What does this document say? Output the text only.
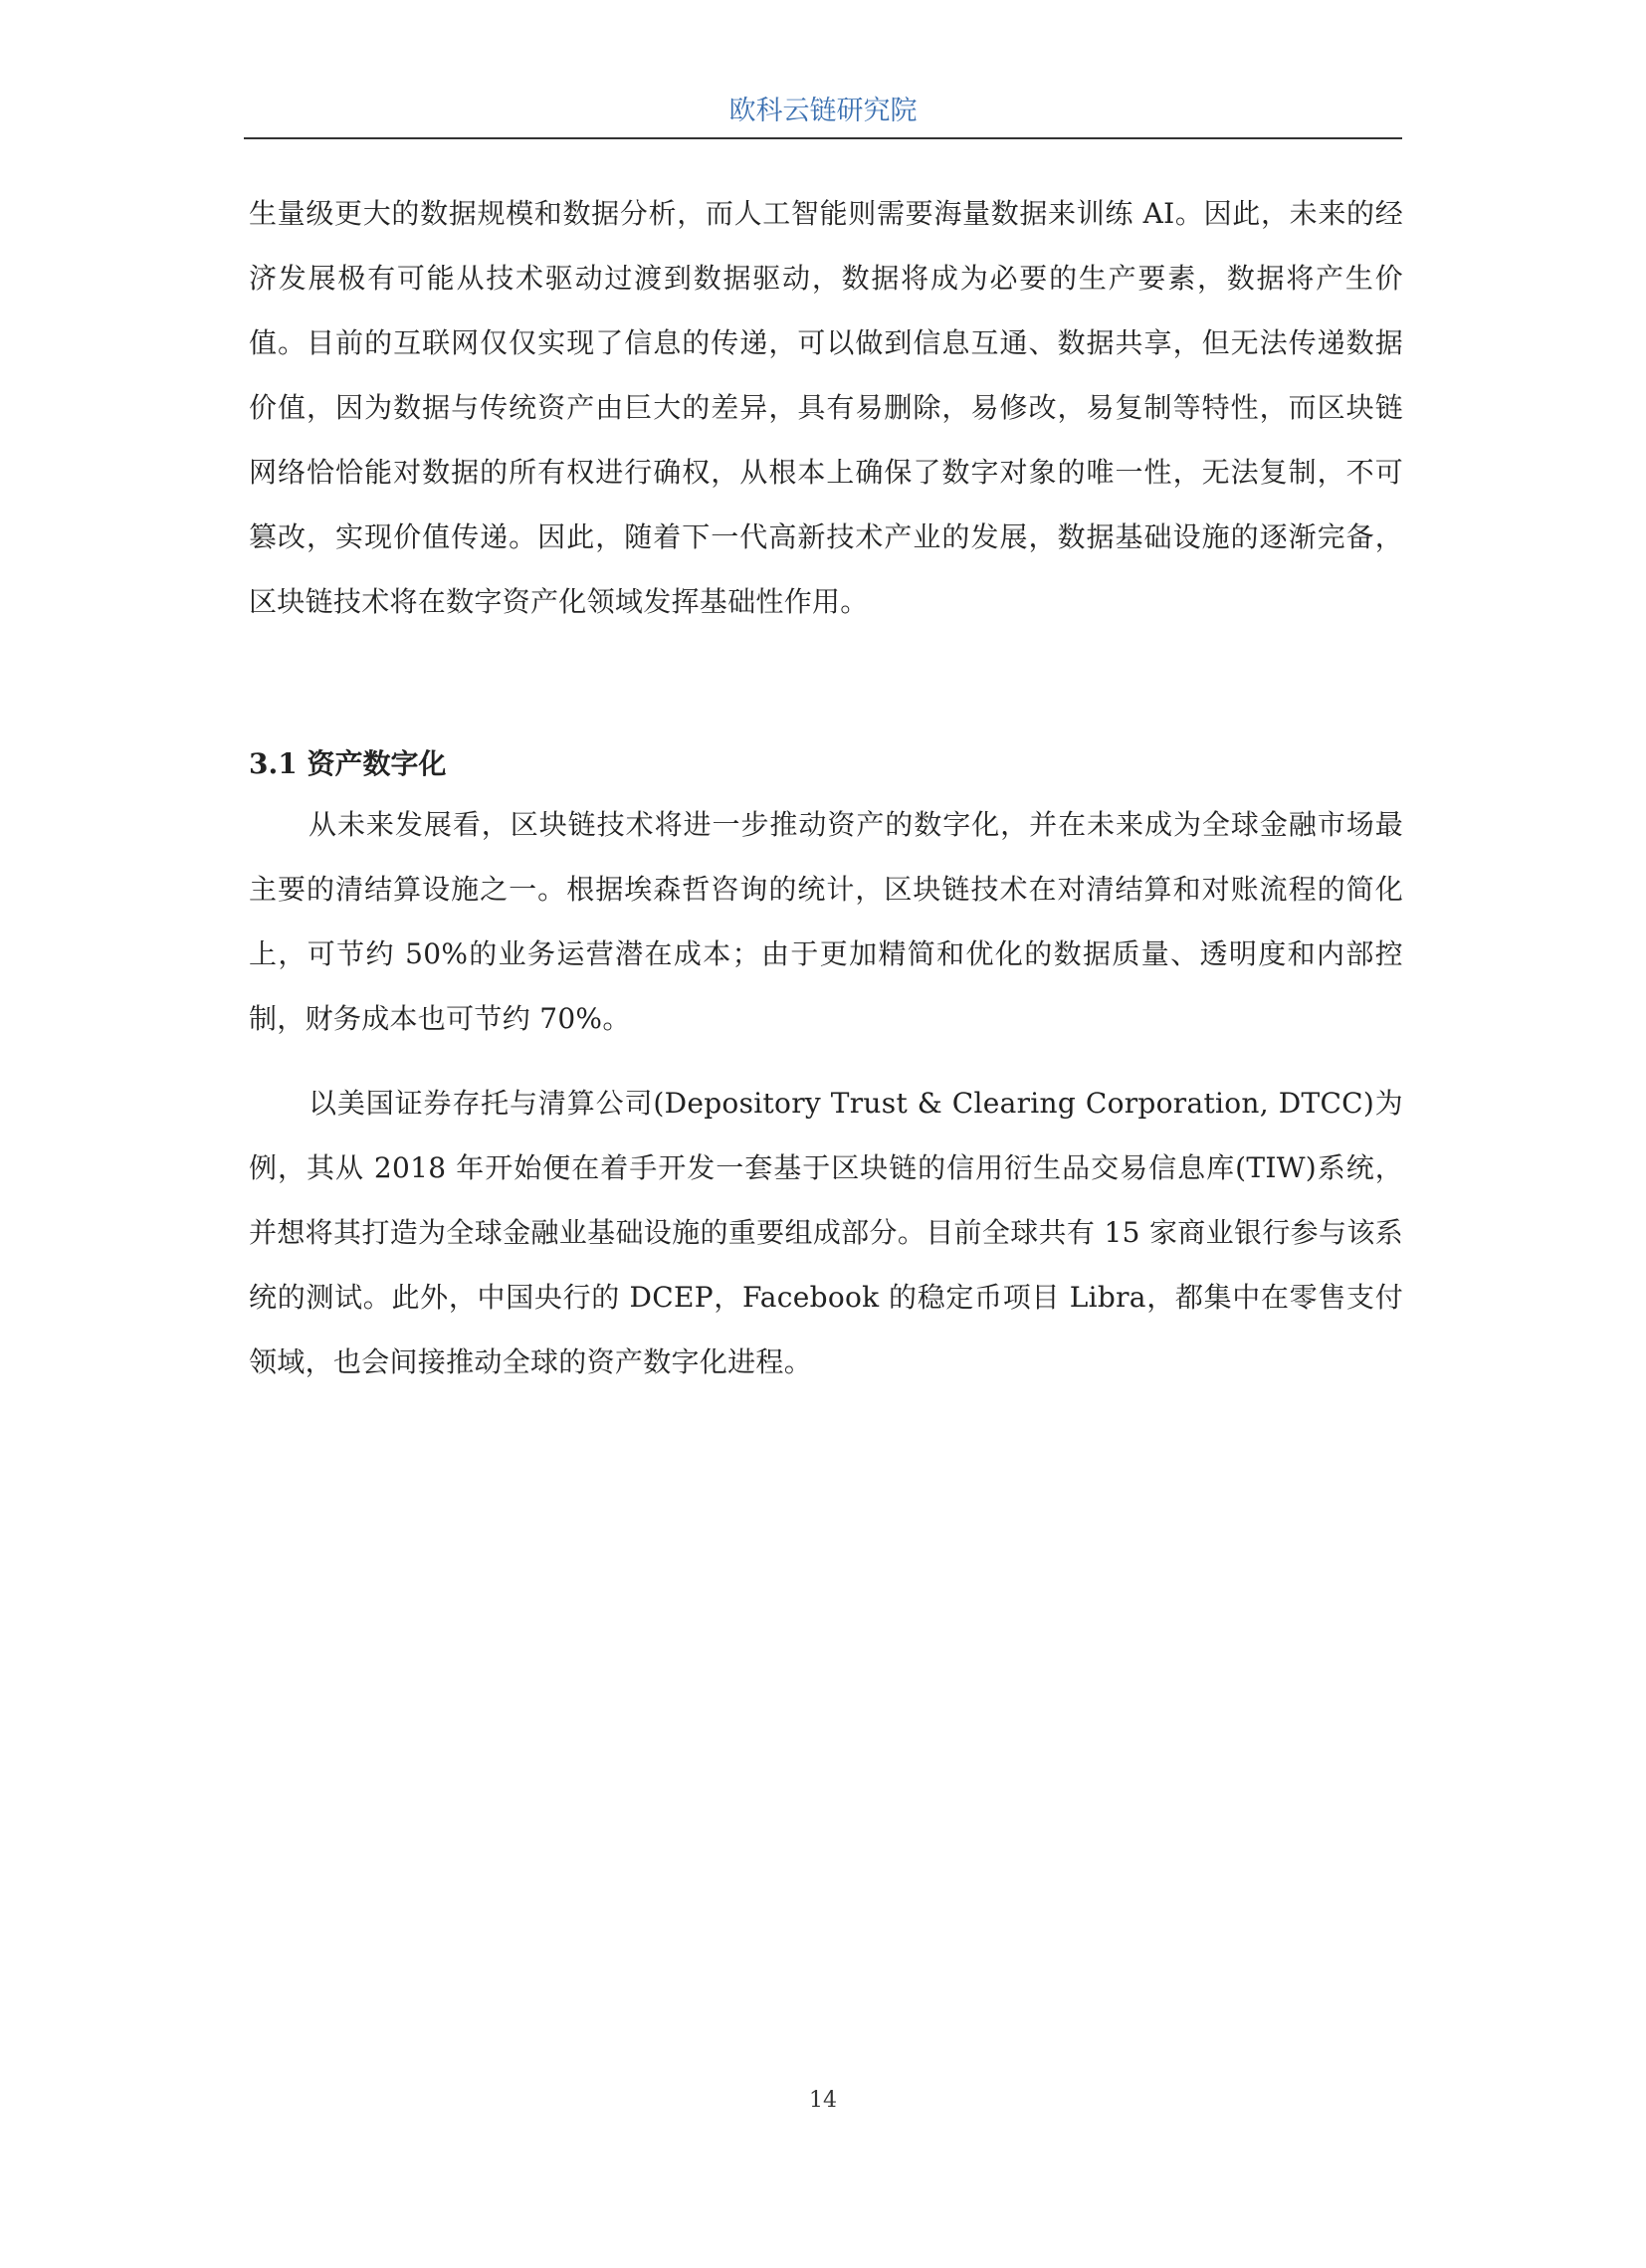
欧科云链研究院

生量级更大的数据规模和数据分析，而人工智能则需要海量数据来训练 AI。因此，未来的经济发展极有可能从技术驱动过渡到数据驱动，数据将成为必要的生产要素，数据将产生价值。目前的互联网仅仅实现了信息的传递，可以做到信息互通、数据共享，但无法传递数据价值，因为数据与传统资产由巨大的差异，具有易删除，易修改，易复制等特性，而区块链网络恰恰能对数据的所有权进行确权，从根本上确保了数字对象的唯一性，无法复制，不可篡改，实现价值传递。因此，随着下一代高新技术产业的发展，数据基础设施的逐渐完备，区块链技术将在数字资产化领域发挥基础性作用。

3.1 资产数字化

从未来发展看，区块链技术将进一步推动资产的数字化，并在未来成为全球金融市场最主要的清结算设施之一。根据埃森哲咨询的统计，区块链技术在对清结算和对账流程的简化上，可节约 50%的业务运营潜在成本；由于更加精简和优化的数据质量、透明度和内部控制，财务成本也可节约 70%。

以美国证券存托与清算公司(Depository Trust & Clearing Corporation, DTCC)为例，其从 2018 年开始便在着手开发一套基于区块链的信用衍生品交易信息库(TIW)系统，并想将其打造为全球金融业基础设施的重要组成部分。目前全球共有 15 家商业银行参与该系统的测试。此外，中国央行的 DCEP，Facebook 的稳定币项目 Libra，都集中在零售支付领域，也会间接推动全球的资产数字化进程。

14
